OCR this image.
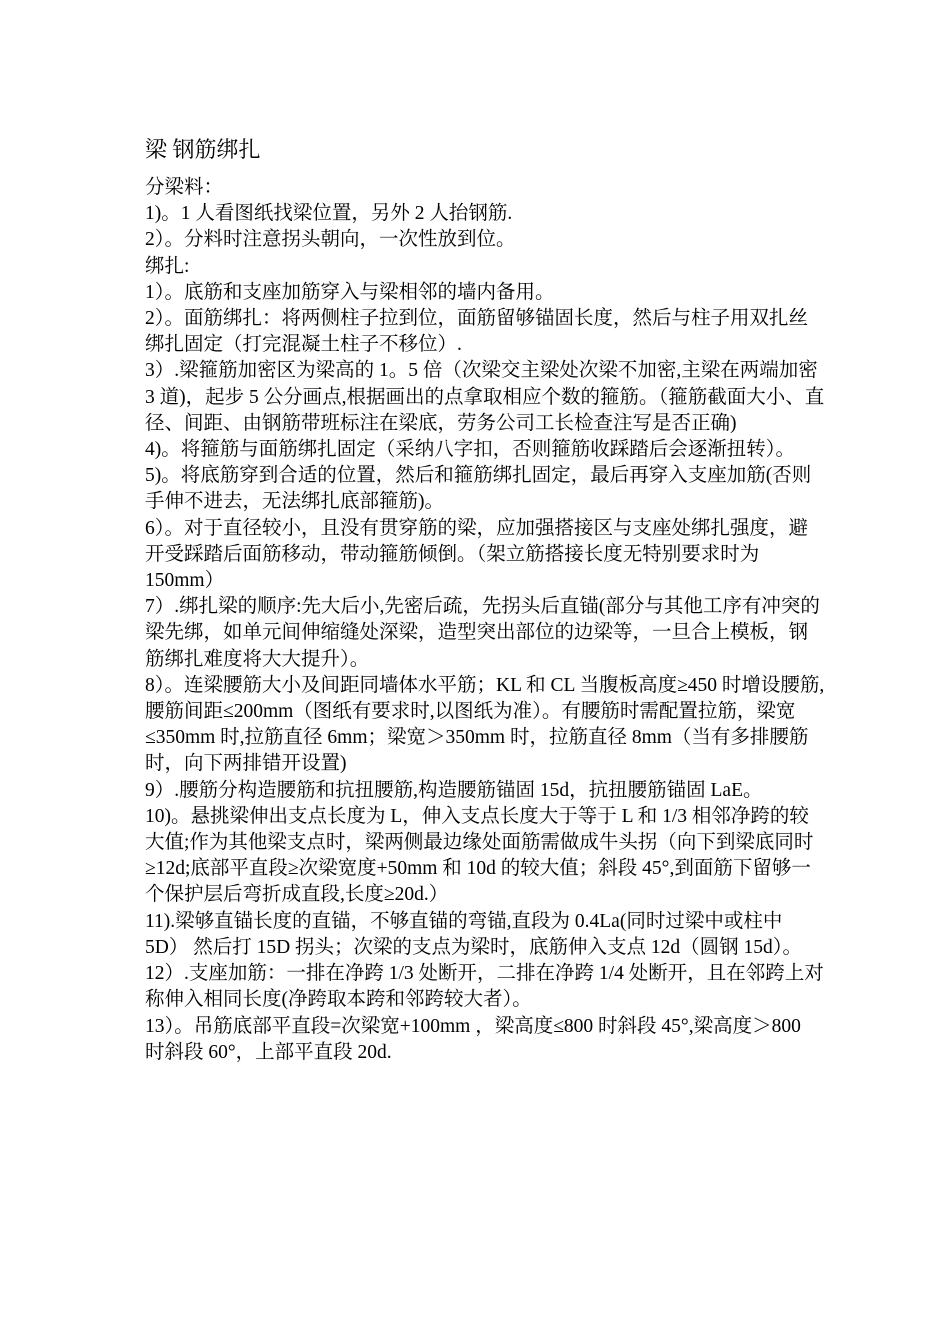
梁 钢筋绑扎

分梁料：

1)。1 人看图纸找梁位置，另外 2 人抬钢筋.

2）。分料时注意拐头朝向，一次性放到位。

绑扎:

1）。底筋和支座加筋穿入与梁相邻的墙内备用。

2）。面筋绑扎：将两侧柱子拉到位，面筋留够锚固长度，然后与柱子用双扎丝绑扎固定（打完混凝土柱子不移位）.

3）.梁箍筋加密区为梁高的 1。5 倍（次梁交主梁处次梁不加密,主梁在两端加密 3 道)，起步 5 公分画点,根据画出的点拿取相应个数的箍筋。（箍筋截面大小、直径、间距、由钢筋带班标注在梁底，劳务公司工长检查注写是否正确)

4)。将箍筋与面筋绑扎固定（采纳八字扣，否则箍筋收踩踏后会逐渐扭转）。

5)。将底筋穿到合适的位置，然后和箍筋绑扎固定，最后再穿入支座加筋(否则手伸不进去，无法绑扎底部箍筋)。

6）。对于直径较小，且没有贯穿筋的梁，应加强搭接区与支座处绑扎强度，避开受踩踏后面筋移动，带动箍筋倾倒。（架立筋搭接长度无特别要求时为 150mm）

7）.绑扎梁的顺序:先大后小,先密后疏，先拐头后直锚(部分与其他工序有冲突的梁先绑，如单元间伸缩缝处深梁，造型突出部位的边梁等，一旦合上模板，钢筋绑扎难度将大大提升）。

8）。连梁腰筋大小及间距同墙体水平筋；KL 和 CL 当腹板高度≥450 时增设腰筋,腰筋间距≤200mm（图纸有要求时,以图纸为准）。有腰筋时需配置拉筋，梁宽≤350mm 时,拉筋直径 6mm；梁宽＞350mm 时，拉筋直径 8mm（当有多排腰筋时，向下两排错开设置)

9）.腰筋分构造腰筋和抗扭腰筋,构造腰筋锚固 15d，抗扭腰筋锚固 LaE。

10)。悬挑梁伸出支点长度为 L，伸入支点长度大于等于 L 和 1/3 相邻净跨的较大值;作为其他梁支点时，梁两侧最边缘处面筋需做成牛头拐（向下到梁底同时≥12d;底部平直段≥次梁宽度+50mm 和 10d 的较大值；斜段 45°,到面筋下留够一个保护层后弯折成直段,长度≥20d.）

11).梁够直锚长度的直锚，不够直锚的弯锚,直段为 0.4La(同时过梁中或柱中 5D） 然后打 15D 拐头；次梁的支点为梁时，底筋伸入支点 12d（圆钢 15d）。

12）.支座加筋：一排在净跨 1/3 处断开，二排在净跨 1/4 处断开，且在邻跨上对称伸入相同长度(净跨取本跨和邻跨较大者）。

13）。吊筋底部平直段=次梁宽+100mm ，梁高度≤800 时斜段 45°,梁高度＞800 时斜段 60°，上部平直段 20d.
